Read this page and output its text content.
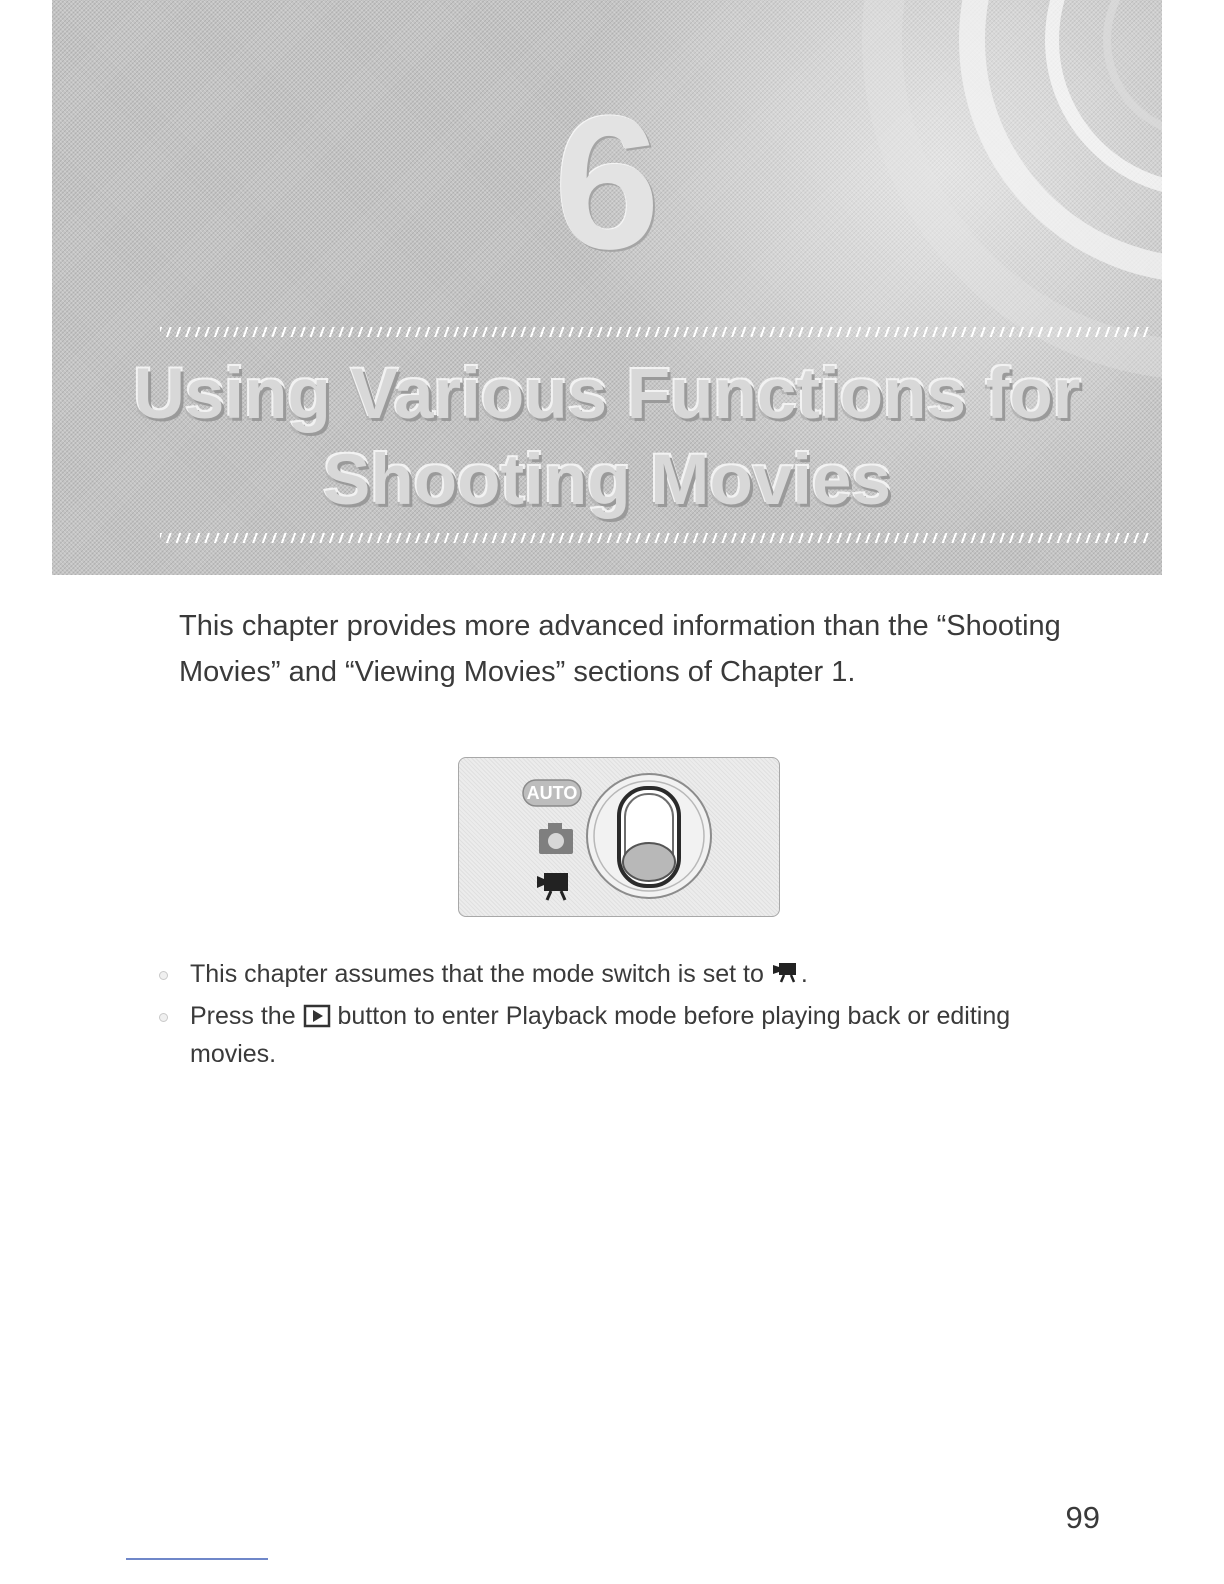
6
Using Various Functions for
Shooting Movies
This chapter provides more advanced information than the “Shooting
Movies” and “Viewing Movies” sections of Chapter 1.
AUTO
This chapter assumes that the mode switch is set to .
Press the button to enter Playback mode before playing back or editing movies.
99
